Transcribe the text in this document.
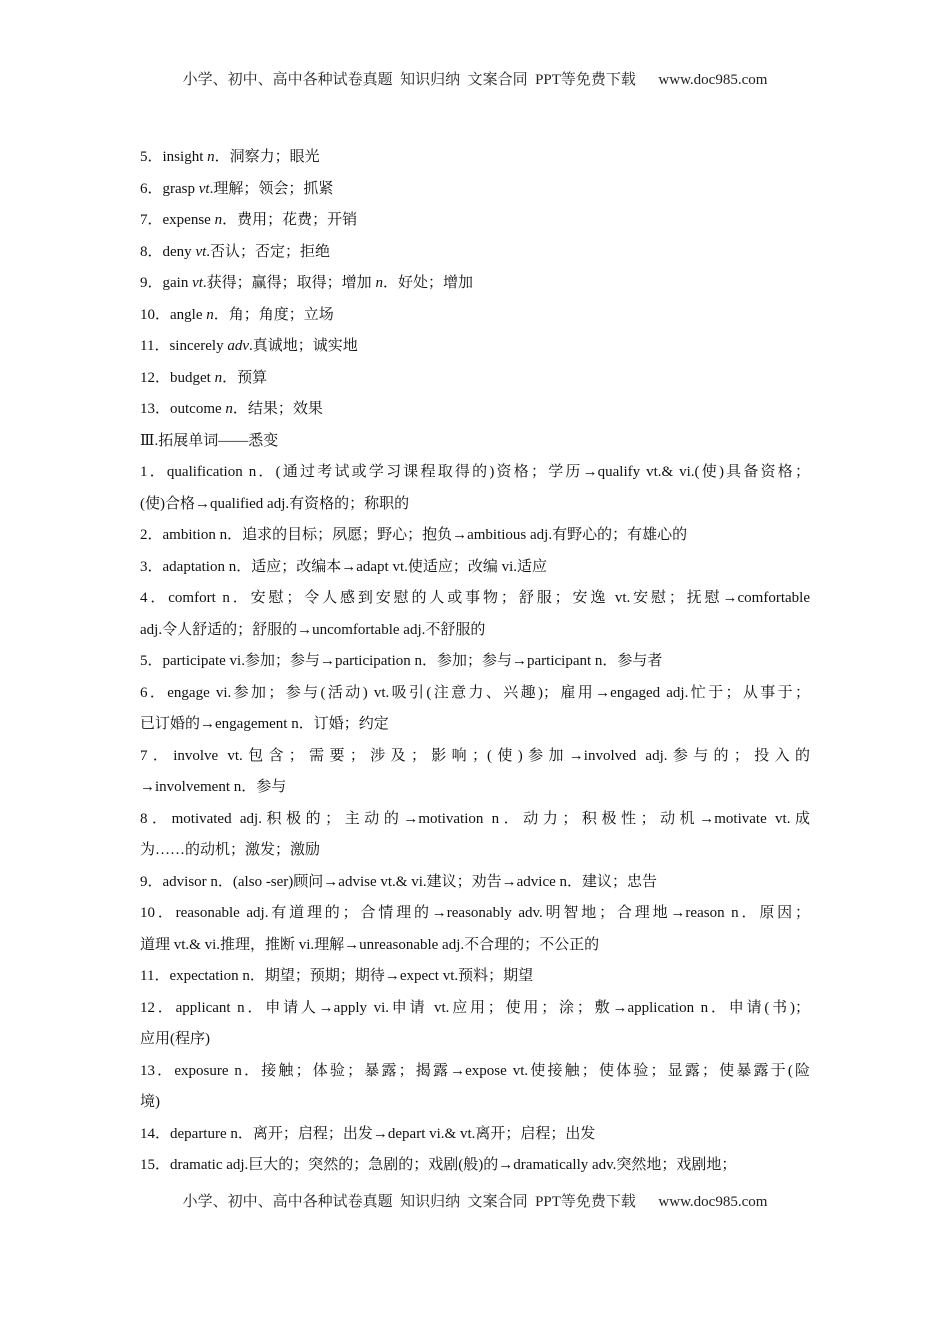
小学、初中、高中各种试卷真题  知识归纳  文案合同  PPT等免费下载      www.doc985.com
5．insight n．洞察力；眼光
6．grasp vt.理解；领会；抓紧
7．expense n．费用；花费；开销
8．deny vt.否认；否定；拒绝
9．gain vt.获得；赢得；取得；增加 n．好处；增加
10．angle n．角；角度；立场
11．sincerely adv.真诚地；诚实地
12．budget n．预算
13．outcome n．结果；效果
Ⅲ.拓展单词——悉变
1．qualification n．(通过考试或学习课程取得的)资格；学历→qualify vt.& vi.(使)具备资格；
(使)合格→qualified adj.有资格的；称职的
2．ambition n．追求的目标；夙愿；野心；抱负→ambitious adj.有野心的；有雄心的
3．adaptation n．适应；改编本→adapt vt.使适应；改编 vi.适应
4．comfort n．安慰；令人感到安慰的人或事物；舒服；安逸 vt.安慰；抚慰→comfortable
adj.令人舒适的；舒服的→uncomfortable adj.不舒服的
5．participate vi.参加；参与→participation n．参加；参与→participant n．参与者
6．engage vi.参加；参与(活动) vt.吸引(注意力、兴趣)；雇用→engaged adj.忙于；从事于；
已订婚的→engagement n．订婚；约定
7．involve vt.包含；需要；涉及；影响；(使)参加→involved adj.参与的；投入的
→involvement n．参与
8．motivated adj.积极的；主动的→motivation n．动力；积极性；动机→motivate vt.成
为……的动机；激发；激励
9．advisor n．(also -ser)顾问→advise vt.& vi.建议；劝告→advice n．建议；忠告
10．reasonable adj.有道理的；合情理的→reasonably adv.明智地；合理地→reason n．原因；
道理 vt.& vi.推理，推断 vi.理解→unreasonable adj.不合理的；不公正的
11．expectation n．期望；预期；期待→expect vt.预料；期望
12．applicant n．申请人→apply vi.申请 vt.应用；使用；涂；敷→application n．申请(书)；
应用(程序)
13．exposure n．接触；体验；暴露；揭露→expose vt.使接触；使体验；显露；使暴露于(险
境)
14．departure n．离开；启程；出发→depart vi.& vt.离开；启程；出发
15．dramatic adj.巨大的；突然的；急剧的；戏剧(般)的→dramatically adv.突然地；戏剧地；
小学、初中、高中各种试卷真题  知识归纳  文案合同  PPT等免费下载      www.doc985.com
